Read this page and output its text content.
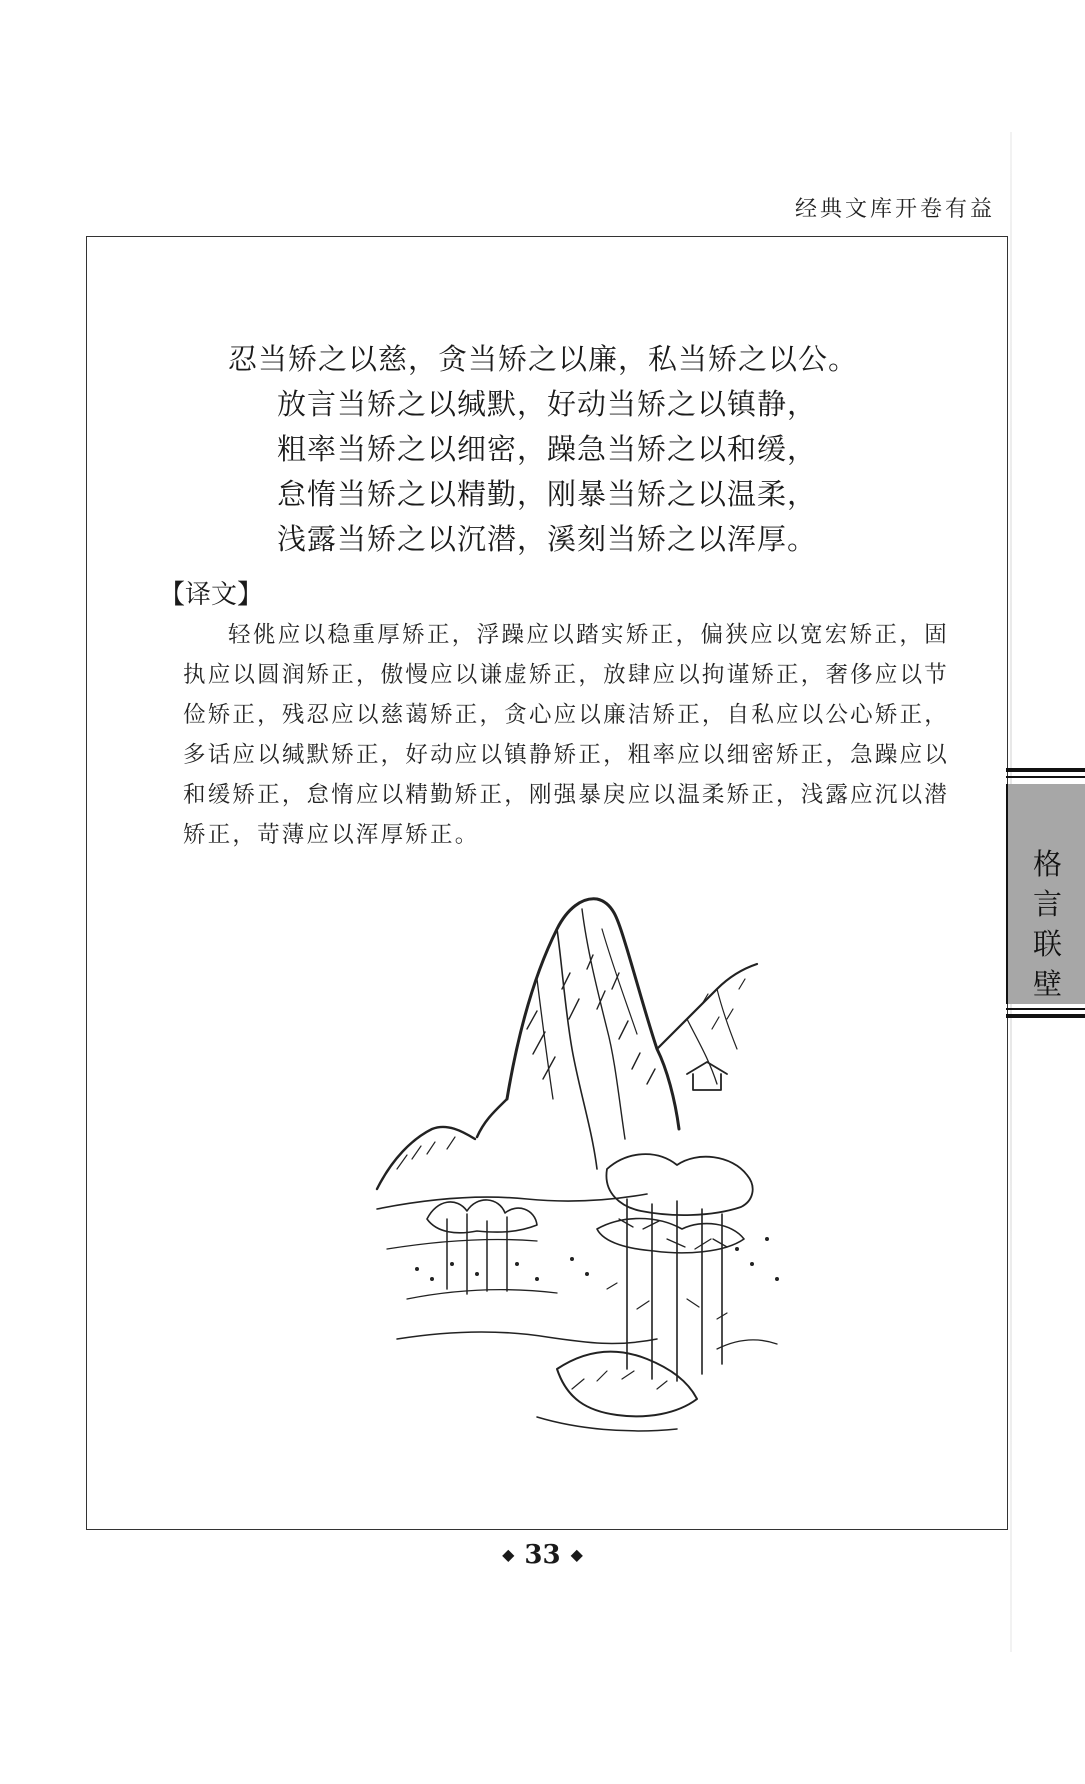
经典文库开卷有益
忍当矫之以慈，贪当矫之以廉，私当矫之以公。
放言当矫之以缄默，好动当矫之以镇静，
粗率当矫之以细密，躁急当矫之以和缓，
怠惰当矫之以精勤，刚暴当矫之以温柔，
浅露当矫之以沉潜，溪刻当矫之以浑厚。
【译文】

轻佻应以稳重厚矫正，浮躁应以踏实矫正，偏狭应以宽宏矫正，固执应以圆润矫正，傲慢应以谦虚矫正，放肆应以拘谨矫正，奢侈应以节俭矫正，残忍应以慈蔼矫正，贪心应以廉洁矫正，自私应以公心矫正，多话应以缄默矫正，好动应以镇静矫正，粗率应以细密矫正，急躁应以和缓矫正，怠惰应以精勤矫正，刚强暴戾应以温柔矫正，浅露应沉以潜矫正，苛薄应以浑厚矫正。

◆ 33 ◆
格
言
联
壁
